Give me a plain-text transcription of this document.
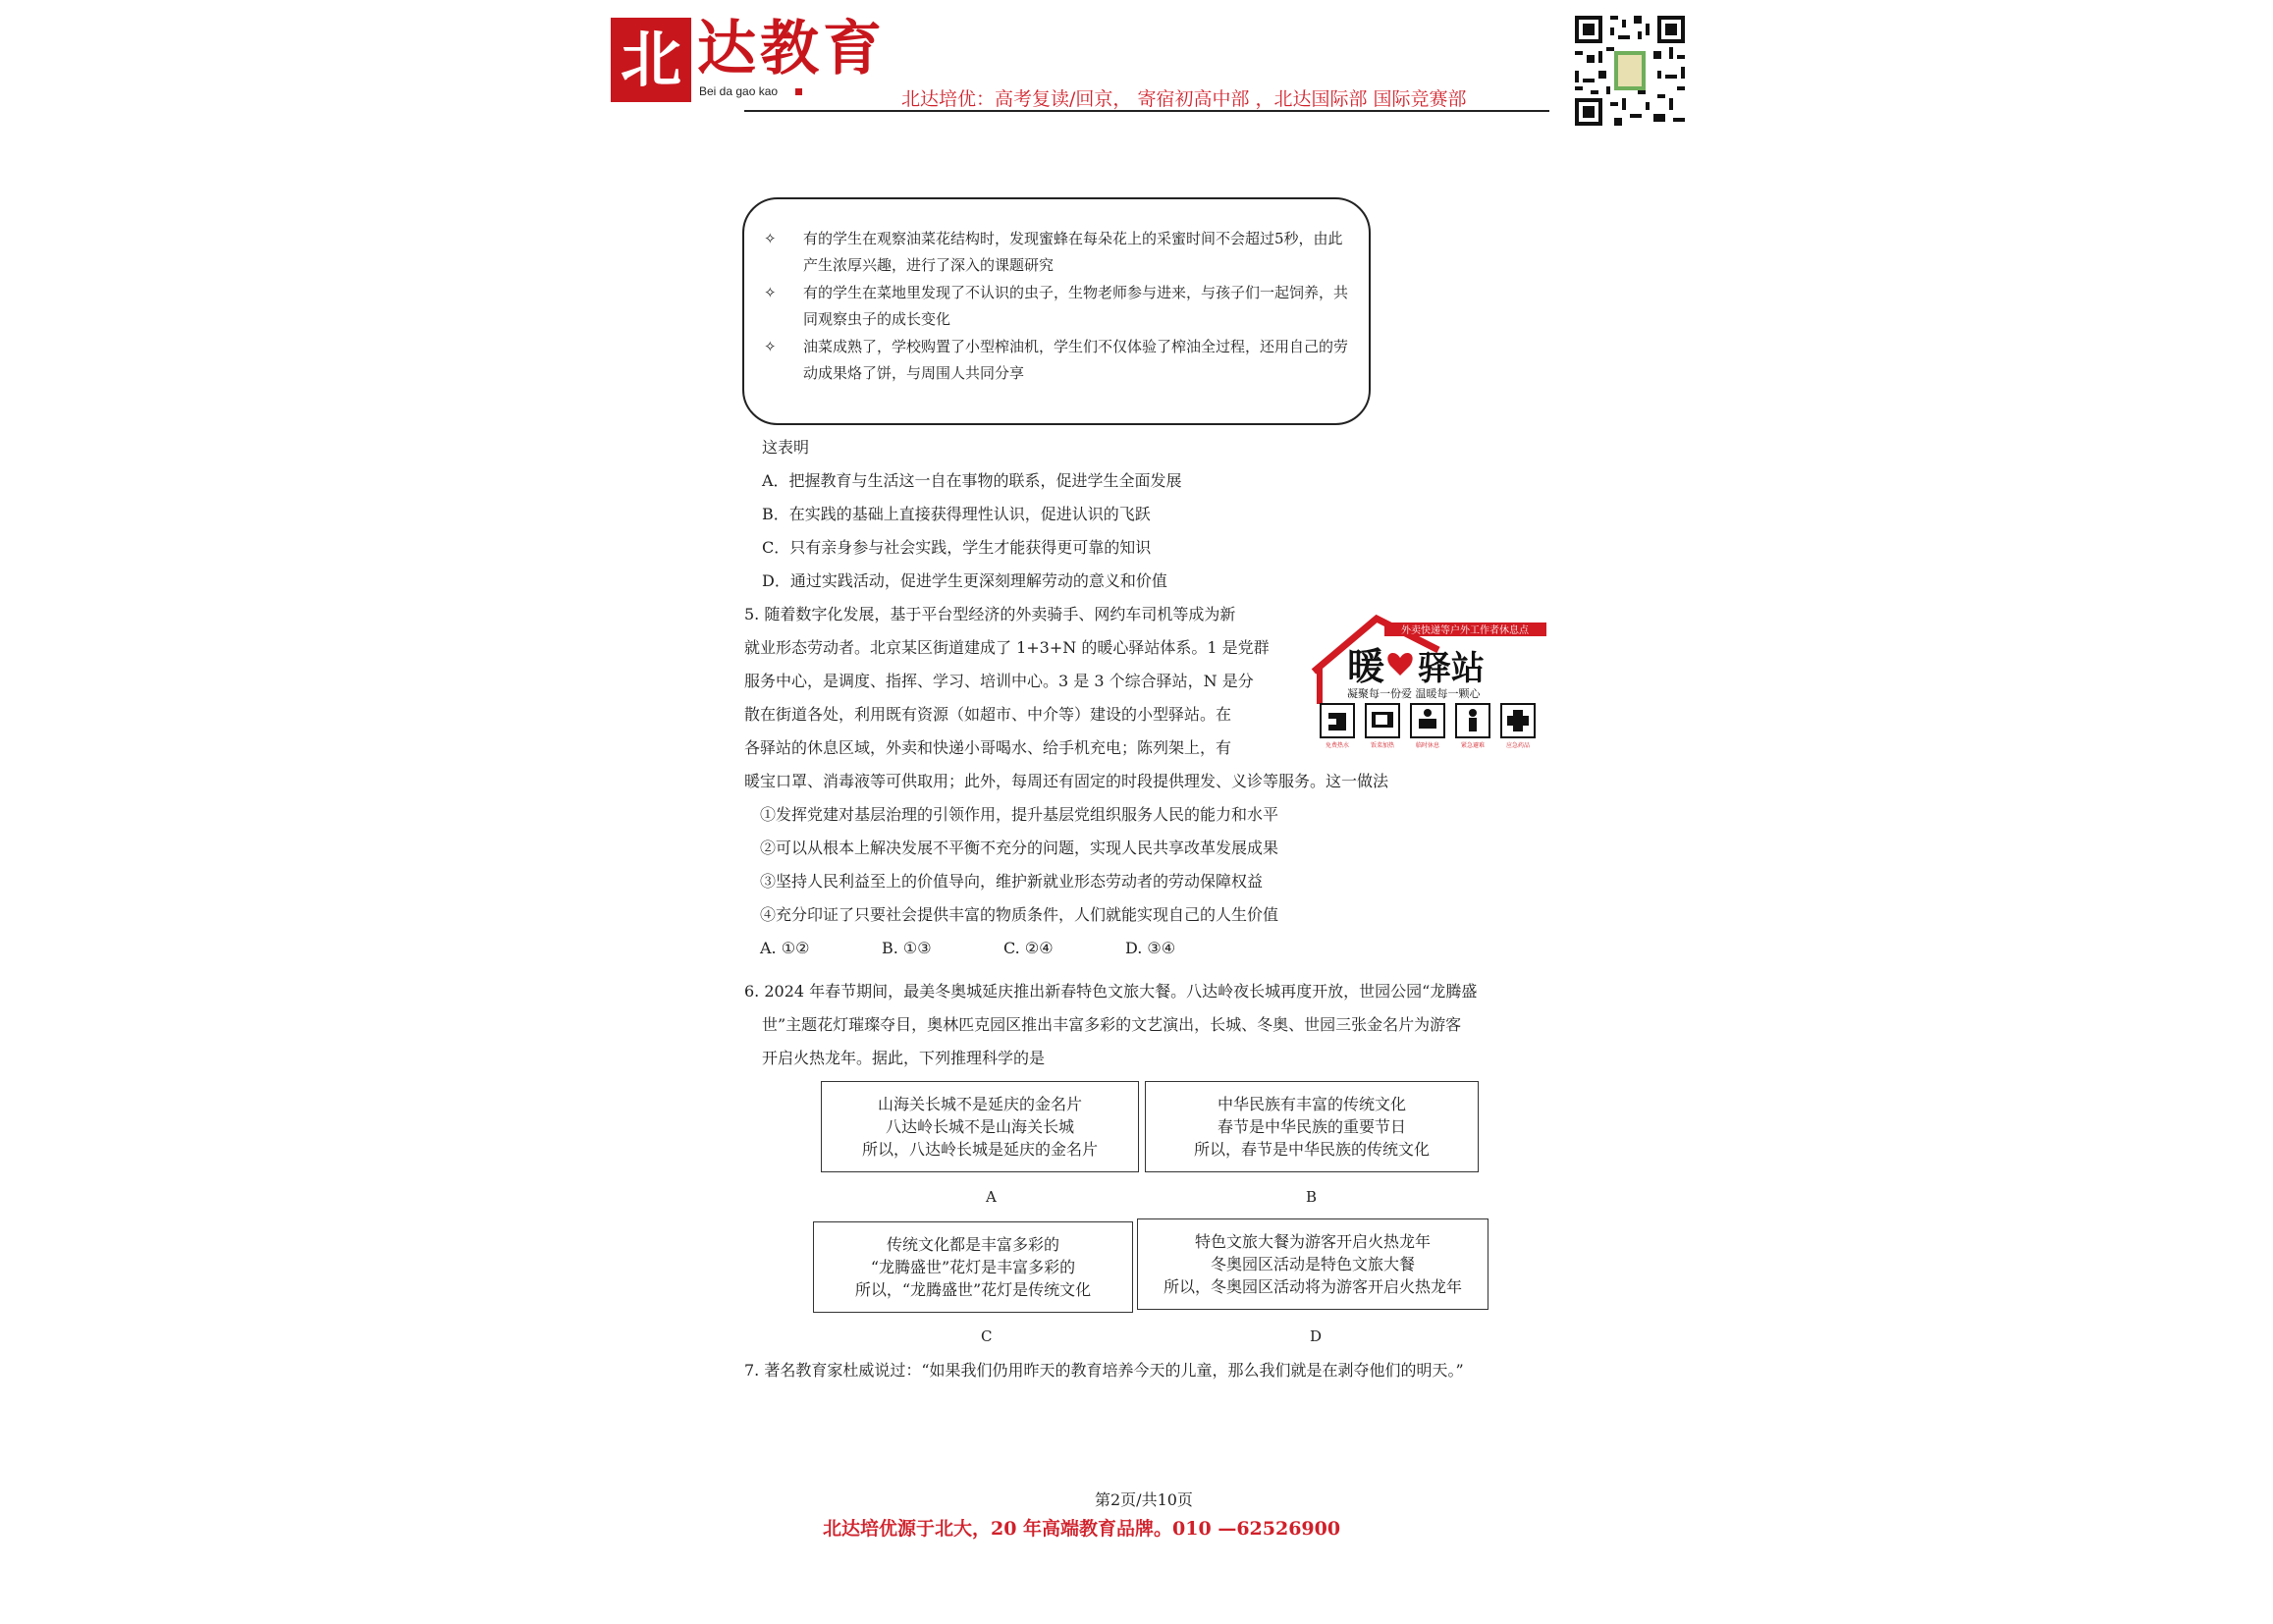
北 达教育
Bei da gao kao	北达培优：高考复读/回京， 寄宿初高中部 ，北达国际部 国际竞赛部
✧ 有的学生在观察油菜花结构时，发现蜜蜂在每朵花上的采蜜时间不会超过5秒，由此产生浓厚兴趣，进行了深入的课题研究
✧ 有的学生在菜地里发现了不认识的虫子，生物老师参与进来，与孩子们一起饲养，共同观察虫子的成长变化
✧ 油菜成熟了，学校购置了小型榨油机，学生们不仅体验了榨油全过程，还用自己的劳动成果烙了饼，与周围人共同分享
这表明
A．把握教育与生活这一自在事物的联系，促进学生全面发展
B．在实践的基础上直接获得理性认识，促进认识的飞跃
C．只有亲身参与社会实践，学生才能获得更可靠的知识
D．通过实践活动，促进学生更深刻理解劳动的意义和价值
5. 随着数字化发展，基于平台型经济的外卖骑手、网约车司机等成为新
就业形态劳动者。北京某区街道建成了 1+3+N 的暖心驿站体系。1 是党群
服务中心，是调度、指挥、学习、培训中心。3 是 3 个综合驿站，N 是分
散在街道各处，利用既有资源（如超市、中介等）建设的小型驿站。在
各驿站的休息区域，外卖和快递小哥喝水、给手机充电；陈列架上，有
暖宝口罩、消毒液等可供取用；此外，每周还有固定的时段提供理发、义诊等服务。这一做法
①发挥党建对基层治理的引领作用，提升基层党组织服务人民的能力和水平
②可以从根本上解决发展不平衡不充分的问题，实现人民共享改革发展成果
③坚持人民利益至上的价值导向，维护新就业形态劳动者的劳动保障权益
④充分印证了只要社会提供丰富的物质条件，人们就能实现自己的人生价值
A. ①②	B. ①③	C. ②④	D. ③④
外卖快递等户外工作者休息点
暖 驿站
凝聚每一份爱 温暖每一颗心
免费热水	饭菜加热	临时休息	紧急避难	应急药品
6. 2024 年春节期间，最美冬奥城延庆推出新春特色文旅大餐。八达岭夜长城再度开放，世园公园“龙腾盛
世”主题花灯璀璨夺目，奥林匹克园区推出丰富多彩的文艺演出，长城、冬奥、世园三张金名片为游客
开启火热龙年。据此，下列推理科学的是
山海关长城不是延庆的金名片
八达岭长城不是山海关长城
所以，八达岭长城是延庆的金名片
中华民族有丰富的传统文化
春节是中华民族的重要节日
所以，春节是中华民族的传统文化
A	B
传统文化都是丰富多彩的
“龙腾盛世”花灯是丰富多彩的
所以，“龙腾盛世”花灯是传统文化
特色文旅大餐为游客开启火热龙年
冬奥园区活动是特色文旅大餐
所以，冬奥园区活动将为游客开启火热龙年
C	D
7. 著名教育家杜威说过：“如果我们仍用昨天的教育培养今天的儿童，那么我们就是在剥夺他们的明天。”
第2页/共10页
北达培优源于北大，20 年高端教育品牌。010 —62526900
